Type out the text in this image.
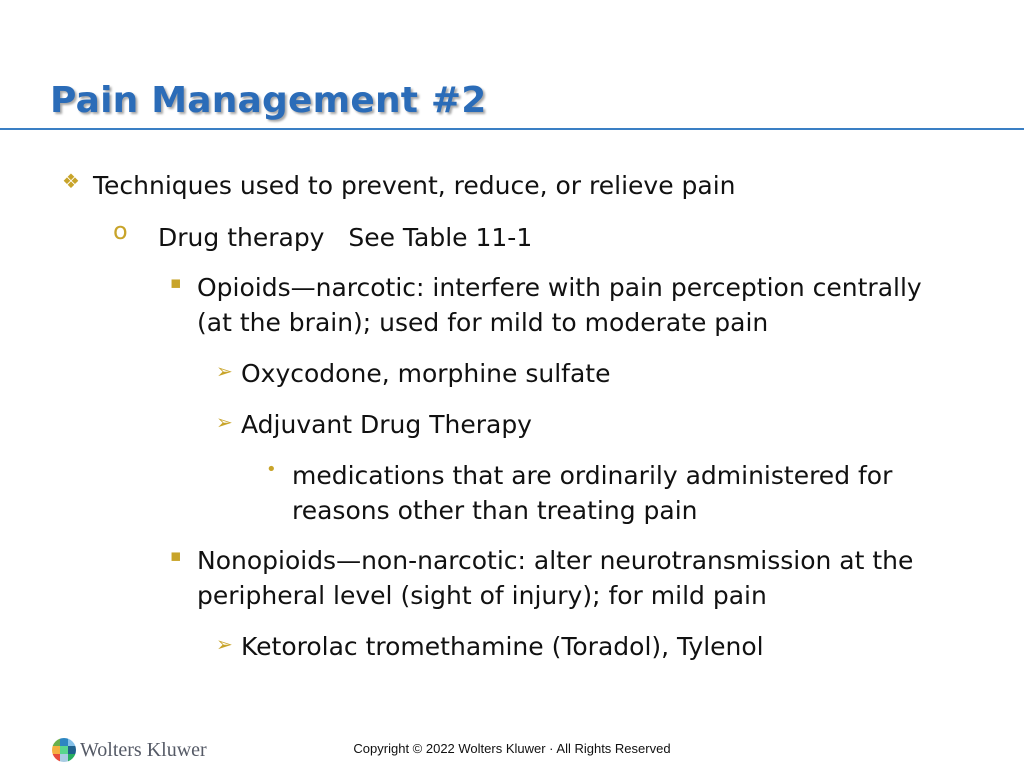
Pain Management #2
❖ Techniques used to prevent, reduce, or relieve pain
o Drug therapy   See Table 11-1
▪ Opioids—narcotic: interfere with pain perception centrally
(at the brain); used for mild to moderate pain
➢ Oxycodone, morphine sulfate
➢ Adjuvant Drug Therapy
• medications that are ordinarily administered for
reasons other than treating pain
▪ Nonopioids—non-narcotic: alter neurotransmission at the
peripheral level (sight of injury); for mild pain
➢ Ketorolac tromethamine (Toradol), Tylenol
Wolters Kluwer	Copyright © 2022 Wolters Kluwer · All Rights Reserved
